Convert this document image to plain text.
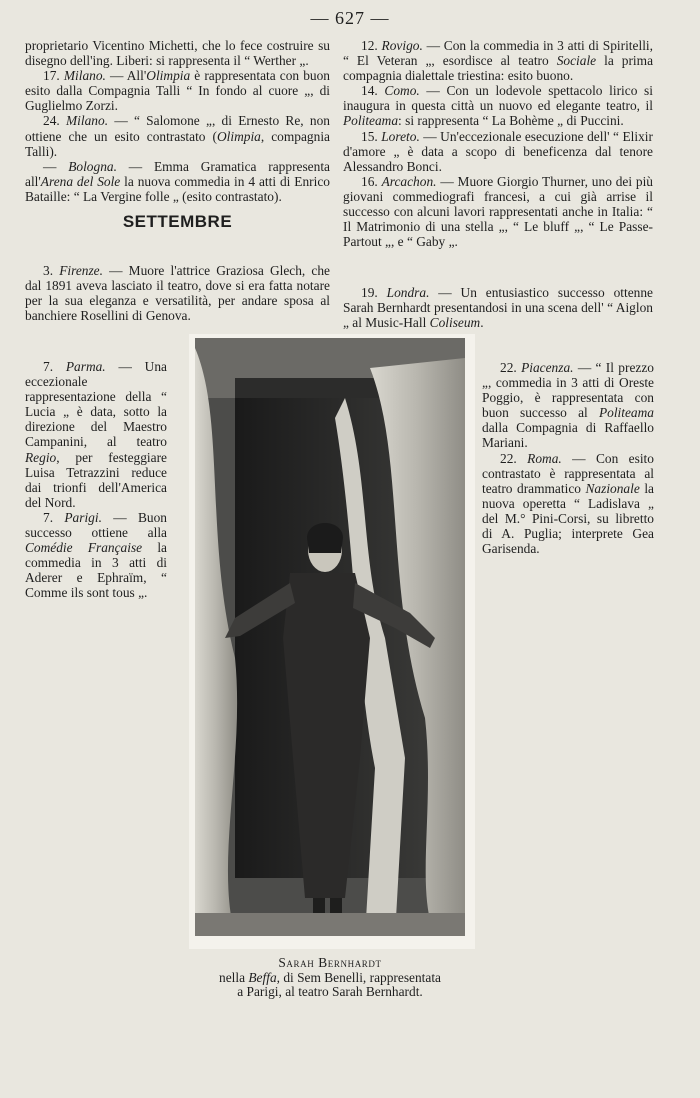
— 627 —

proprietario Vicentino Michetti, che lo fece costruire su disegno dell'ing. Liberi: si rappresenta il “ Werther „.

17. Milano. — All'Olimpia è rappresentata con buon esito dalla Compagnia Talli “ In fondo al cuore „, di Guglielmo Zorzi.

24. Milano. — “ Salomone „, di Ernesto Re, non ottiene che un esito contrastato (Olimpia, compagnia Talli).

— Bologna. — Emma Gramatica rappresenta all'Arena del Sole la nuova commedia in 4 atti di Enrico Bataille: “ La Vergine folle „ (esito contrastato).

SETTEMBRE

3. Firenze. — Muore l'attrice Graziosa Glech, che dal 1891 aveva lasciato il teatro, dove si era fatta notare per la sua eleganza e versatilità, per andare sposa al banchiere Rosellini di Genova.

7. Parma. — Una eccezionale rappresentazione della “ Lucia „ è data, sotto la direzione del Maestro Campanini, al teatro Regio, per festeggiare Luisa Tetrazzini reduce dai trionfi dell'America del Nord.

7. Parigi. — Buon successo ottiene alla Comédie Française la commedia in 3 atti di Aderer e Ephraïm, “ Comme ils sont tous „.

12. Rovigo. — Con la commedia in 3 atti di Spiritelli, “ El Veteran „, esordisce al teatro Sociale la prima compagnia dialettale triestina: esito buono.

14. Como. — Con un lodevole spettacolo lirico si inaugura in questa città un nuovo ed elegante teatro, il Politeama: si rappresenta “ La Bohème „ di Puccini.

15. Loreto. — Un'eccezionale esecuzione dell' “ Elixir d'amore „ è data a scopo di beneficenza dal tenore Alessandro Bonci.

16. Arcachon. — Muore Giorgio Thurner, uno dei più giovani commediografi francesi, a cui già arrise il successo con alcuni lavori rappresentati anche in Italia: “ Il Matrimonio di una stella „, “ Le bluff „, “ Le Passe-Partout „, e “ Gaby „.

19. Londra. — Un entusiastico successo ottenne Sarah Bernhardt presentandosi in una scena dell' “ Aiglon „ al Music-Hall Coliseum.

22. Piacenza. — “ Il prezzo „, commedia in 3 atti di Oreste Poggio, è rappresentata con buon successo al Politeama dalla Compagnia di Raffaello Mariani.

22. Roma. — Con esito contrastato è rappresentata al teatro drammatico Nazionale la nuova operetta “ Ladislava „ del M.° Pini-Corsi, su libretto di A. Puglia; interprete Gea Garisenda.

Sarah Bernhardt
nella Beffa, di Sem Benelli, rappresentata
a Parigi, al teatro Sarah Bernhardt.
